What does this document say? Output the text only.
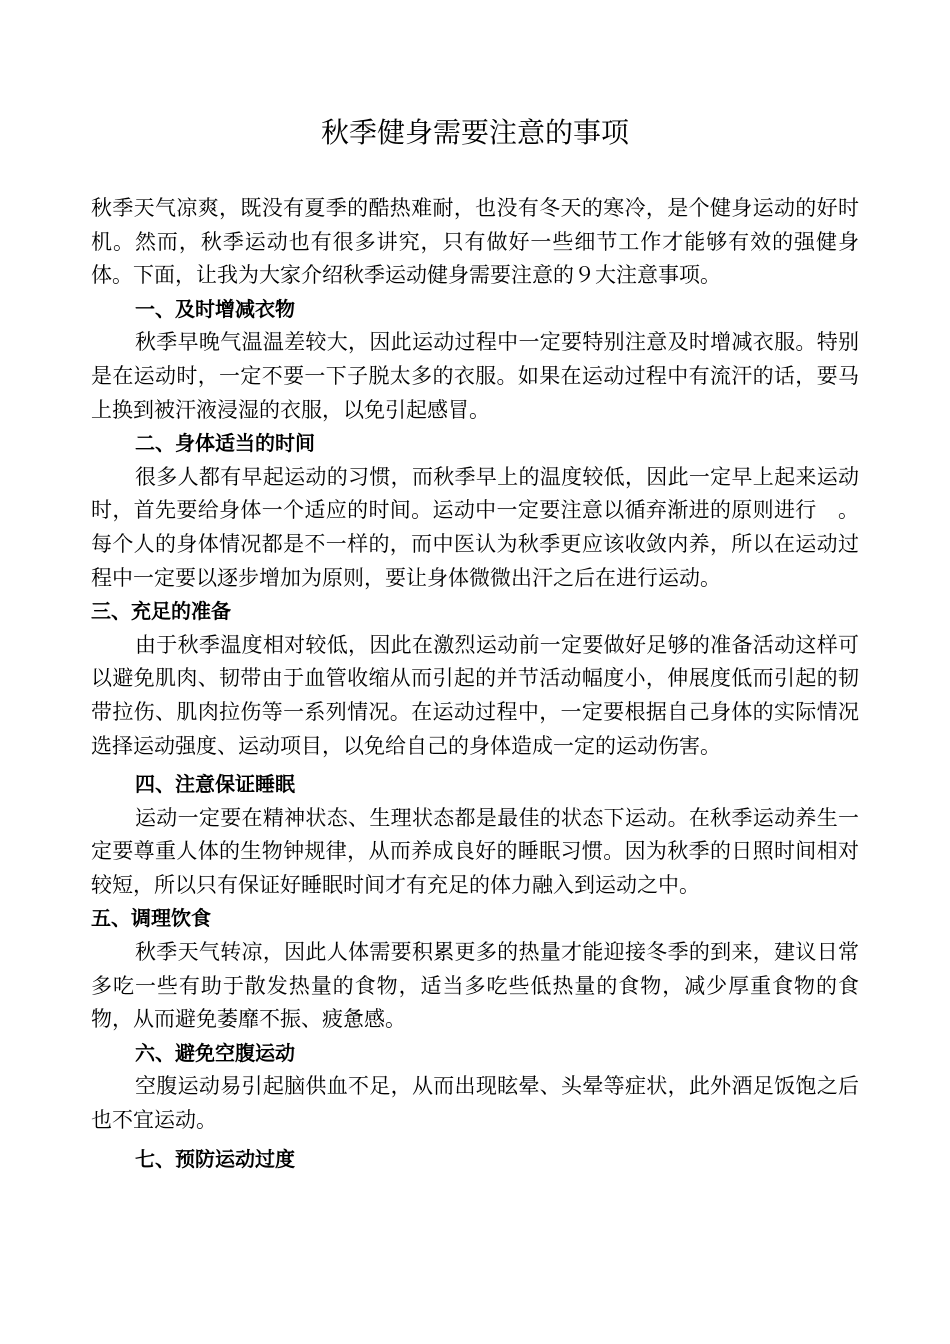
秋季健身需要注意的事项

秋季天气凉爽，既没有夏季的酷热难耐，也没有冬天的寒冷，是个健身运动的好时机。然而，秋季运动也有很多讲究，只有做好一些细节工作才能够有效的强健身体。下面，让我为大家介绍秋季运动健身需要注意的９大注意事项。

一、及时增减衣物

秋季早晚气温温差较大，因此运动过程中一定要特别注意及时增减衣服。特别是在运动时，一定不要一下子脱太多的衣服。如果在运动过程中有流汗的话，要马上换到被汗液浸湿的衣服，以免引起感冒。

二、身体适当的时间

很多人都有早起运动的习惯，而秋季早上的温度较低，因此一定早上起来运动时，首先要给身体一个适应的时间。运动中一定要注意以循弃渐进的原则进行　。每个人的身体情况都是不一样的，而中医认为秋季更应该收敛内养，所以在运动过程中一定要以逐步增加为原则，要让身体微微出汗之后在进行运动。

三、充足的准备

由于秋季温度相对较低，因此在激烈运动前一定要做好足够的准备活动这样可以避免肌肉、韧带由于血管收缩从而引起的并节活动幅度小，伸展度低而引起的韧带拉伤、肌肉拉伤等一系列情况。在运动过程中，一定要根据自己身体的实际情况选择运动强度、运动项目，以免给自己的身体造成一定的运动伤害。

四、注意保证睡眠

运动一定要在精神状态、生理状态都是最佳的状态下运动。在秋季运动养生一定要尊重人体的生物钟规律，从而养成良好的睡眠习惯。因为秋季的日照时间相对较短，所以只有保证好睡眠时间才有充足的体力融入到运动之中。

五、调理饮食

秋季天气转凉，因此人体需要积累更多的热量才能迎接冬季的到来，建议日常多吃一些有助于散发热量的食物，适当多吃些低热量的食物，减少厚重食物的食物，从而避免萎靡不振、疲惫感。

六、避免空腹运动

空腹运动易引起脑供血不足，从而出现眩晕、头晕等症状，此外酒足饭饱之后也不宜运动。

七、预防运动过度
